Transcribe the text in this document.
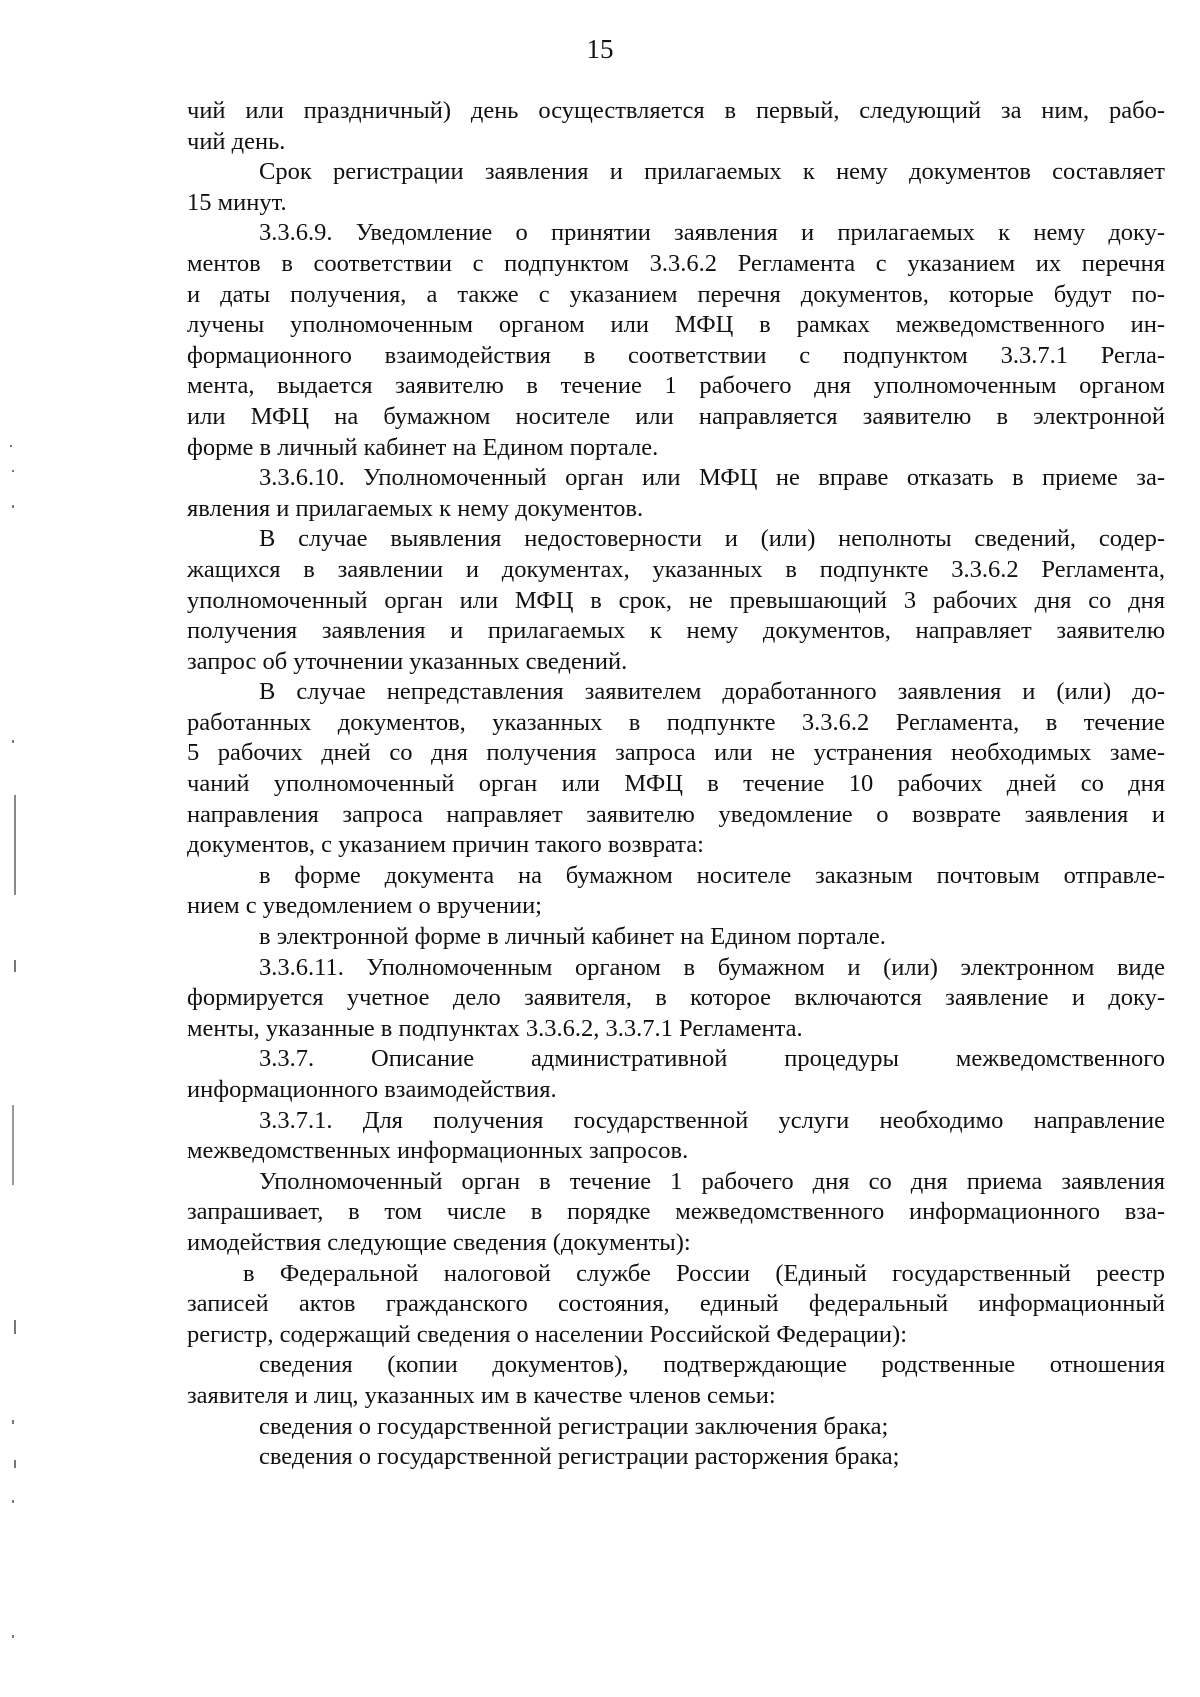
15
чий или праздничный) день осуществляется в первый, следующий за ним, рабо-
чий день.
Срок регистрации заявления и прилагаемых к нему документов составляет
15 минут.
3.3.6.9. Уведомление о принятии заявления и прилагаемых к нему доку-
ментов в соответствии с подпунктом 3.3.6.2 Регламента с указанием их перечня
и даты получения, а также с указанием перечня документов, которые будут по-
лучены уполномоченным органом или МФЦ в рамках межведомственного ин-
формационного взаимодействия в соответствии с подпунктом 3.3.7.1 Регла-
мента, выдается заявителю в течение 1 рабочего дня уполномоченным органом
или МФЦ на бумажном носителе или направляется заявителю в электронной
форме в личный кабинет на Едином портале.
3.3.6.10. Уполномоченный орган или МФЦ не вправе отказать в приеме за-
явления и прилагаемых к нему документов.
В случае выявления недостоверности и (или) неполноты сведений, содер-
жащихся в заявлении и документах, указанных в подпункте 3.3.6.2 Регламента,
уполномоченный орган или МФЦ в срок, не превышающий 3 рабочих дня со дня
получения заявления и прилагаемых к нему документов, направляет заявителю
запрос об уточнении указанных сведений.
В случае непредставления заявителем доработанного заявления и (или) до-
работанных документов, указанных в подпункте 3.3.6.2 Регламента, в течение
5 рабочих дней со дня получения запроса или не устранения необходимых заме-
чаний уполномоченный орган или МФЦ в течение 10 рабочих дней со дня
направления запроса направляет заявителю уведомление о возврате заявления и
документов, с указанием причин такого возврата:
в форме документа на бумажном носителе заказным почтовым отправле-
нием с уведомлением о вручении;
в электронной форме в личный кабинет на Едином портале.
3.3.6.11. Уполномоченным органом в бумажном и (или) электронном виде
формируется учетное дело заявителя, в которое включаются заявление и доку-
менты, указанные в подпунктах 3.3.6.2, 3.3.7.1 Регламента.
3.3.7. Описание административной процедуры межведомственного
информационного взаимодействия.
3.3.7.1. Для получения государственной услуги необходимо направление
межведомственных информационных запросов.
Уполномоченный орган в течение 1 рабочего дня со дня приема заявления
запрашивает, в том числе в порядке межведомственного информационного вза-
имодействия следующие сведения (документы):
в Федеральной налоговой службе России (Единый государственный реестр
записей актов гражданского состояния, единый федеральный информационный
регистр, содержащий сведения о населении Российской Федерации):
сведения (копии документов), подтверждающие родственные отношения
заявителя и лиц, указанных им в качестве членов семьи:
сведения о государственной регистрации заключения брака;
сведения о государственной регистрации расторжения брака;
